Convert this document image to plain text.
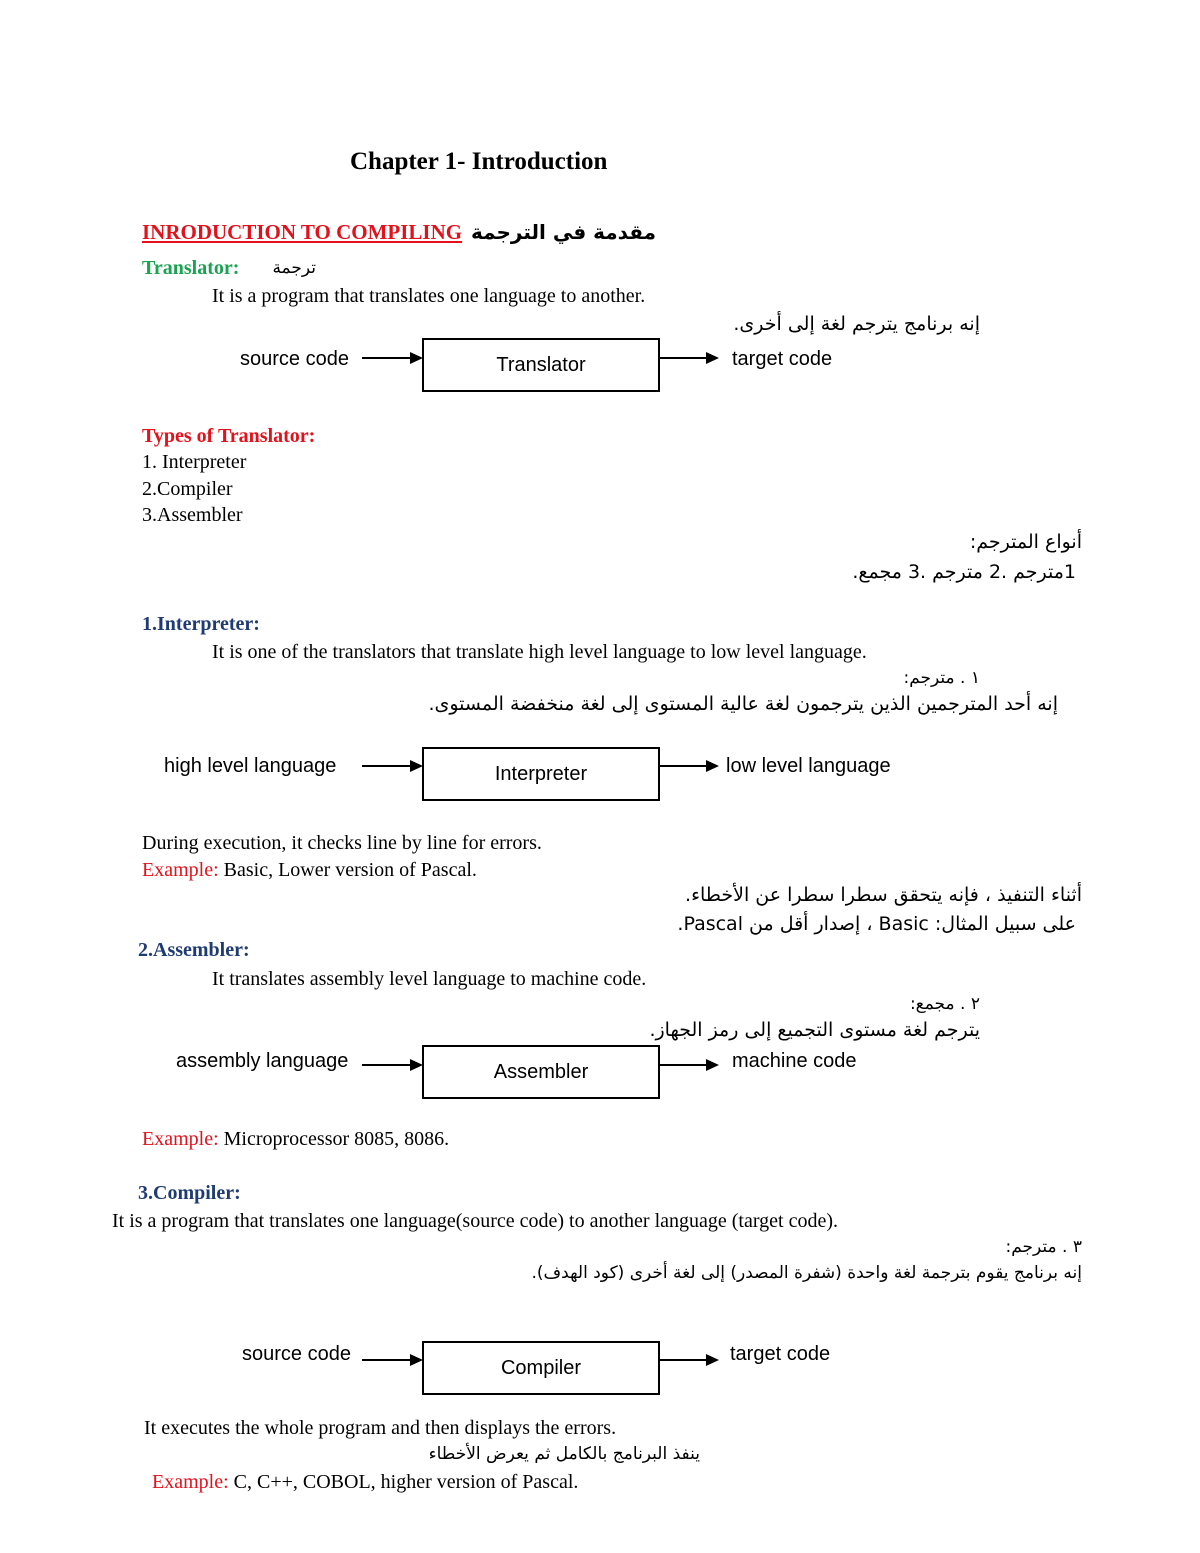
Chapter 1- Introduction
INRODUCTION TO COMPILING مقدمة في الترجمة
Translator: ترجمة
It is a program that translates one language to another.
إنه برنامج يترجم لغة إلى أخرى.
source code	Translator	target code
Types of Translator:
1. Interpreter
2.Compiler
3.Assembler
أنواع المترجم:
1مترجم .2 مترجم .3 مجمع.
1.Interpreter:
It is one of the translators that translate high level language to low level language.
١ . مترجم:
إنه أحد المترجمين الذين يترجمون لغة عالية المستوى إلى لغة منخفضة المستوى.
high level language	Interpreter	low level language
During execution, it checks line by line for errors.
Example: Basic, Lower version of Pascal.
أثناء التنفيذ ، فإنه يتحقق سطرا سطرا عن الأخطاء.
على سبيل المثال: Basic ، إصدار أقل من Pascal.
2.Assembler:
It translates assembly level language to machine code.
٢ . مجمع:
يترجم لغة مستوى التجميع إلى رمز الجهاز.
assembly language	Assembler	machine code
Example: Microprocessor 8085, 8086.
3.Compiler:
It is a program that translates one language(source code) to another language (target code).
٣ . مترجم:
إنه برنامج يقوم بترجمة لغة واحدة (شفرة المصدر) إلى لغة أخرى (كود الهدف).
source code
Compiler
target code
It executes the whole program and then displays the errors.
ينفذ البرنامج بالكامل ثم يعرض الأخطاء
Example: C, C++, COBOL, higher version of Pascal.
